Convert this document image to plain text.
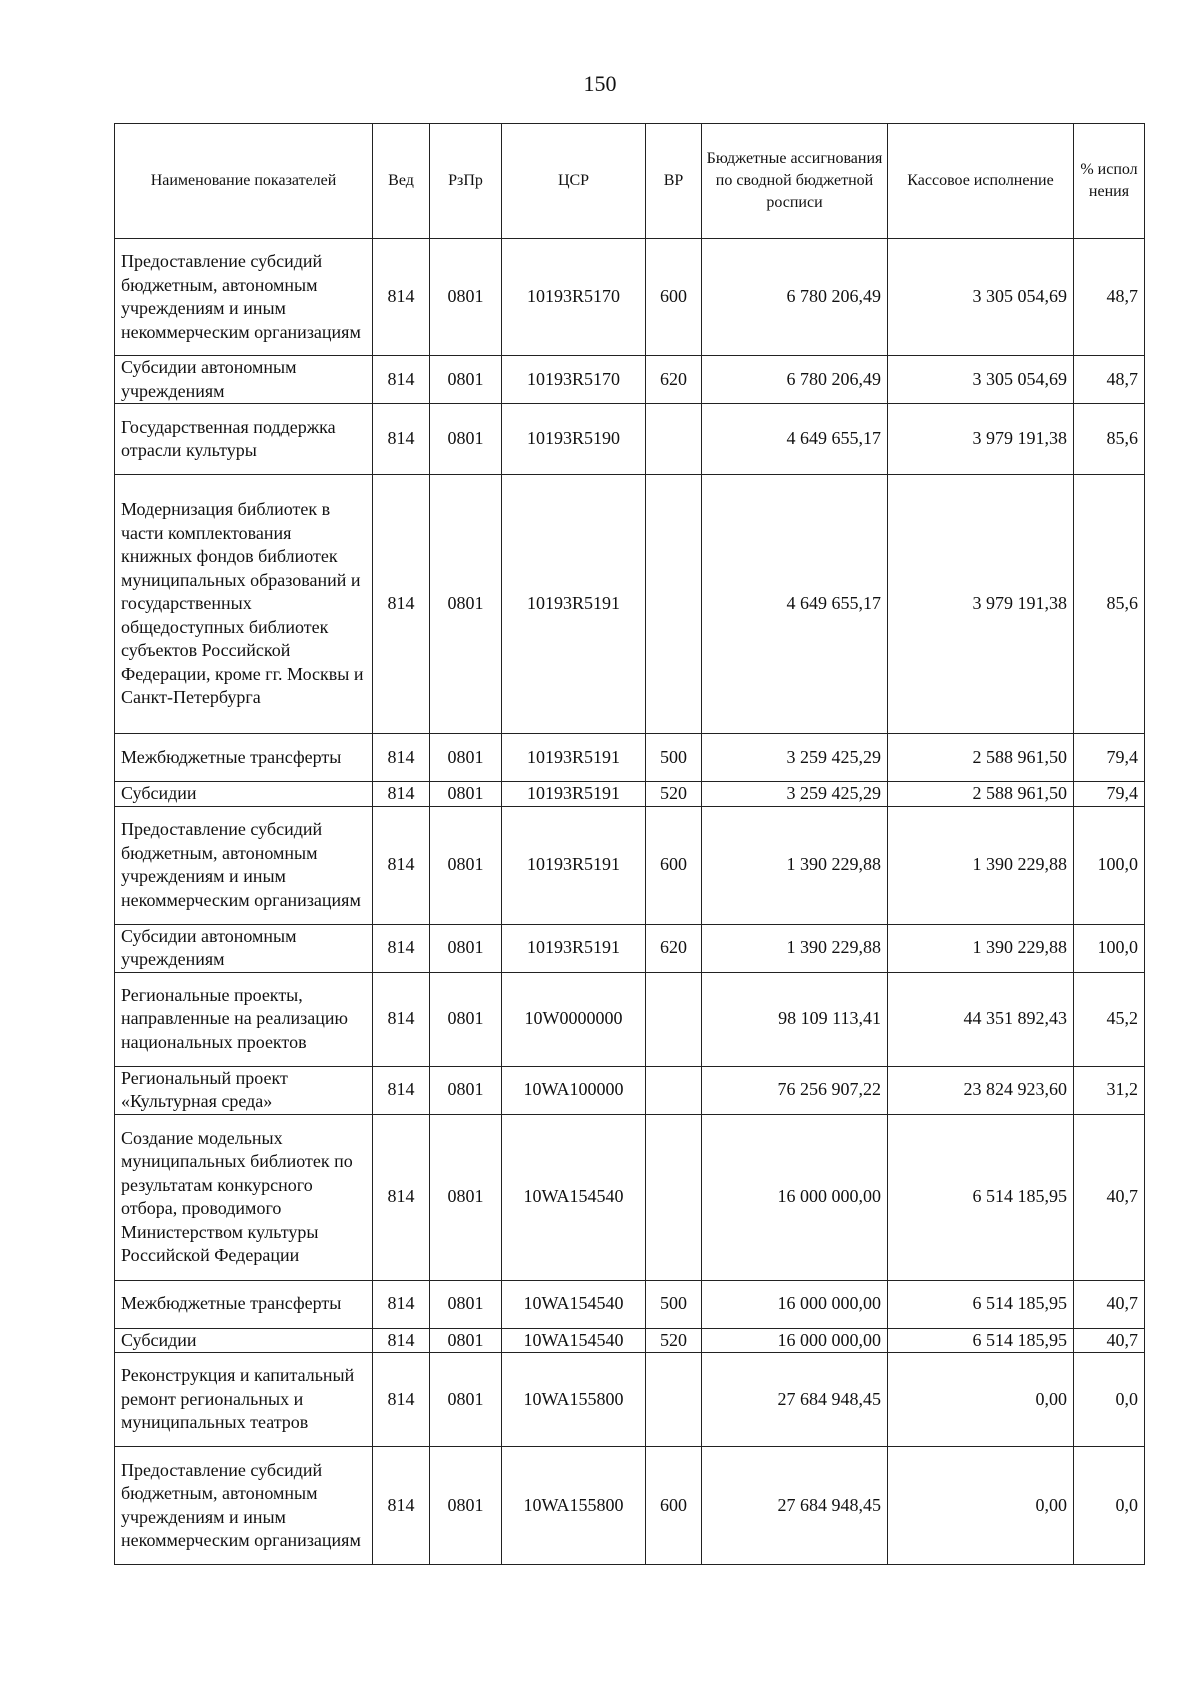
150
Наименование показателей	Вед	РзПр	ЦСР	ВР	Бюджетные ассигнования по сводной бюджетной росписи	Кассовое исполнение	% испол нения
Предоставление субсидий бюджетным, автономным учреждениям и иным некоммерческим организациям	814	0801	10193R5170	600	6 780 206,49	3 305 054,69	48,7
Субсидии автономным учреждениям	814	0801	10193R5170	620	6 780 206,49	3 305 054,69	48,7
Государственная поддержка отрасли культуры	814	0801	10193R5190		4 649 655,17	3 979 191,38	85,6
Модернизация библиотек в части комплектования книжных фондов библиотек муниципальных образований и государственных общедоступных библиотек субъектов Российской Федерации, кроме гг. Москвы и Санкт-Петербурга	814	0801	10193R5191		4 649 655,17	3 979 191,38	85,6
Межбюджетные трансферты	814	0801	10193R5191	500	3 259 425,29	2 588 961,50	79,4
Субсидии	814	0801	10193R5191	520	3 259 425,29	2 588 961,50	79,4
Предоставление субсидий бюджетным, автономным учреждениям и иным некоммерческим организациям	814	0801	10193R5191	600	1 390 229,88	1 390 229,88	100,0
Субсидии автономным учреждениям	814	0801	10193R5191	620	1 390 229,88	1 390 229,88	100,0
Региональные проекты, направленные на реализацию национальных проектов	814	0801	10W0000000		98 109 113,41	44 351 892,43	45,2
Региональный проект «Культурная среда»	814	0801	10WA100000		76 256 907,22	23 824 923,60	31,2
Создание модельных муниципальных библиотек по результатам конкурсного отбора, проводимого Министерством культуры Российской Федерации	814	0801	10WA154540		16 000 000,00	6 514 185,95	40,7
Межбюджетные трансферты	814	0801	10WA154540	500	16 000 000,00	6 514 185,95	40,7
Субсидии	814	0801	10WA154540	520	16 000 000,00	6 514 185,95	40,7
Реконструкция и капитальный ремонт региональных и муниципальных театров	814	0801	10WA155800		27 684 948,45	0,00	0,0
Предоставление субсидий бюджетным, автономным учреждениям и иным некоммерческим организациям	814	0801	10WA155800	600	27 684 948,45	0,00	0,0
